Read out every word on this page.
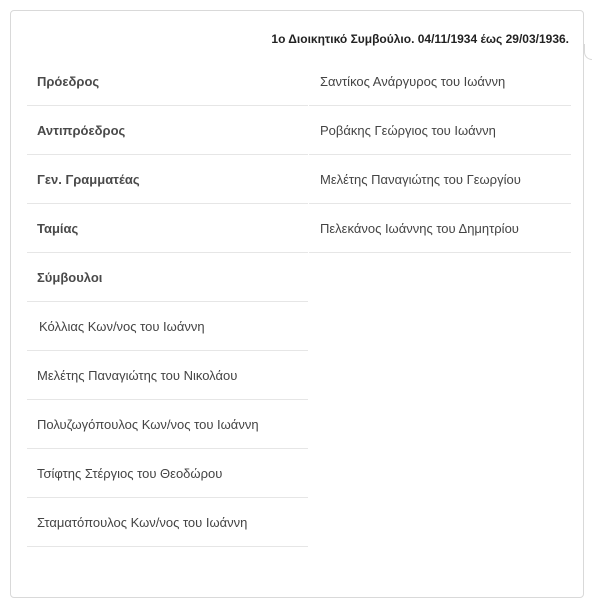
1ο Διοικητικό Συμβούλιο. 04/11/1934 έως 29/03/1936.
Πρόεδρος
Αντιπρόεδρος
Γεν. Γραμματέας
Ταμίας
Σύμβουλοι
Κόλλιας Κων/νος του Ιωάννη
Μελέτης Παναγιώτης του Νικολάου
Πολυζωγόπουλος Κων/νος του Ιωάννη
Τσίφτης Στέργιος του Θεοδώρου
Σταματόπουλος Κων/νος του Ιωάννη
Σαντίκος Ανάργυρος του Ιωάννη
Ροβάκης Γεώργιος του Ιωάννη
Μελέτης Παναγιώτης του Γεωργίου
Πελεκάνος Ιωάννης του Δημητρίου
